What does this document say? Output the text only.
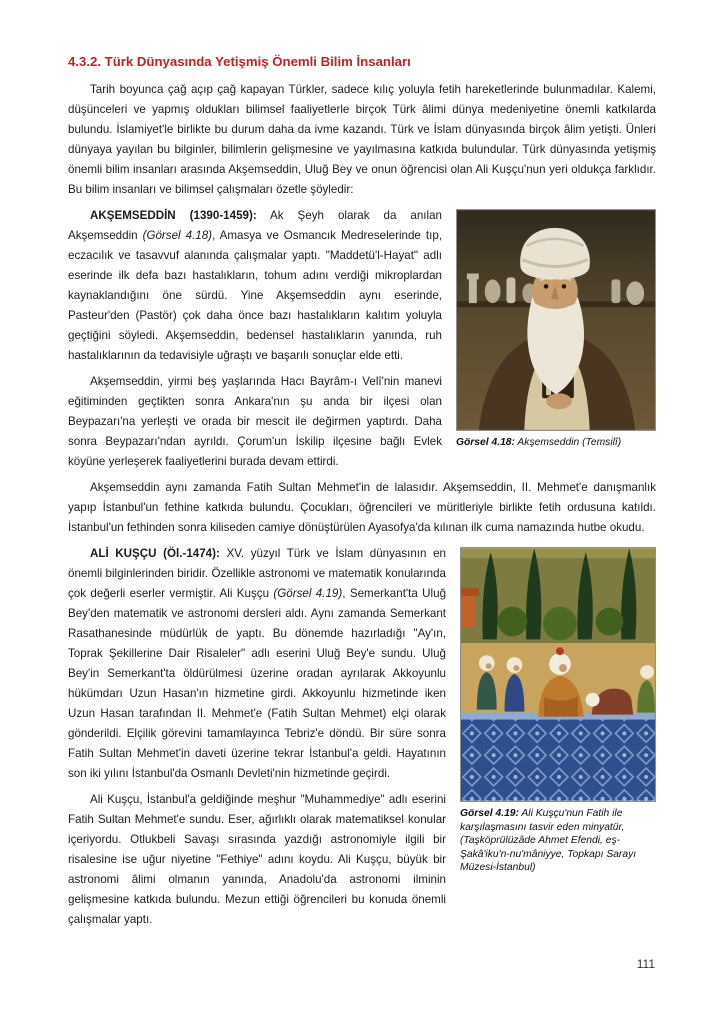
4.3.2. Türk Dünyasında Yetişmiş Önemli Bilim İnsanları

Tarih boyunca çağ açıp çağ kapayan Türkler, sadece kılıç yoluyla fetih hareketlerinde bulunmadılar. Kalemi, düşünceleri ve yapmış oldukları bilimsel faaliyetlerle birçok Türk âlimi dünya medeniyetine önemli katkılarda bulundu. İslamiyet'le birlikte bu durum daha da ivme kazandı. Türk ve İslam dünyasında birçok âlim yetişti. Ünleri dünyaya yayılan bu bilginler, bilimlerin gelişmesine ve yayılmasına katkıda bulundular. Türk dünyasında yetişmiş önemli bilim insanları arasında Akşemseddin, Uluğ Bey ve onun öğrencisi olan Ali Kuşçu'nun yeri oldukça farklıdır. Bu bilim insanları ve bilimsel çalışmaları özetle şöyledir:

Görsel 4.18: Akşemseddin (Temsilî)

AKŞEMSEDDİN (1390-1459): Ak Şeyh olarak da anılan Akşemseddin (Görsel 4.18), Amasya ve Osmancık Medreselerinde tıp, eczacılık ve tasavvuf alanında çalışmalar yaptı. "Maddetü'l-Hayat" adlı eserinde ilk defa bazı hastalıkların, tohum adını verdiği mikroplardan kaynaklandığını öne sürdü. Yine Akşemseddin aynı eserinde, Pasteur'den (Pastör) çok daha önce bazı hastalıkların kalıtım yoluyla geçtiğini söyledi. Akşemseddin, bedensel hastalıkların yanında, ruh hastalıklarının da tedavisiyle uğraştı ve başarılı sonuçlar elde etti.

Akşemseddin, yirmi beş yaşlarında Hacı Bayrâm-ı Velî'nin manevi eğitiminden geçtikten sonra Ankara'nın şu anda bir ilçesi olan Beypazarı'na yerleşti ve orada bir mescit ile değirmen yaptırdı. Daha sonra Beypazarı'ndan ayrıldı. Çorum'un İskilip ilçesine bağlı Evlek köyüne yerleşerek faaliyetlerini burada devam ettirdi.

Akşemseddin aynı zamanda Fatih Sultan Mehmet'in de lalasıdır. Akşemseddin, II. Mehmet'e danışmanlık yapıp İstanbul'un fethine katkıda bulundu. Çocukları, öğrencileri ve müritleriyle birlikte fetih ordusuna katıldı. İstanbul'un fethinden sonra kiliseden camiye dönüştürülen Ayasofya'da kılınan ilk cuma namazında hutbe okudu.

Görsel 4.19: Ali Kuşçu'nun Fatih ile karşılaşmasını tasvir eden minyatür, (Taşköprülüzâde Ahmet Efendi, eş-Şakâ'iku'n-nu'mâniyye, Topkapı Sarayı Müzesi-İstanbul)

ALİ KUŞÇU (Öl.-1474): XV. yüzyıl Türk ve İslam dünyasının en önemli bilginlerinden biridir. Özellikle astronomi ve matematik konularında çok değerli eserler vermiştir. Ali Kuşçu (Görsel 4.19), Semerkant'ta Uluğ Bey'den matematik ve astronomi dersleri aldı. Aynı zamanda Semerkant Rasathanesinde müdürlük de yaptı. Bu dönemde hazırladığı "Ay'ın, Toprak Şekillerine Dair Risaleler" adlı eserini Uluğ Bey'e sundu. Uluğ Bey'in Semerkant'ta öldürülmesi üzerine oradan ayrılarak Akkoyunlu hükümdarı Uzun Hasan'ın hizmetine girdi. Akkoyunlu hizmetinde iken Uzun Hasan tarafından II. Mehmet'e (Fatih Sultan Mehmet) elçi olarak gönderildi. Elçilik görevini tamamlayınca Tebriz'e döndü. Bir süre sonra Fatih Sultan Mehmet'in daveti üzerine tekrar İstanbul'a geldi. Hayatının son iki yılını İstanbul'da Osmanlı Devleti'nin hizmetinde geçirdi.

Ali Kuşçu, İstanbul'a geldiğinde meşhur "Muhammediye" adlı eserini Fatih Sultan Mehmet'e sundu. Eser, ağırlıklı olarak matematiksel konular içeriyordu. Otlukbeli Savaşı sırasında yazdığı astronomiyle ilgili bir risalesine ise uğur niyetine "Fethiye" adını koydu. Ali Kuşçu, büyük bir astronomi âlimi olmanın yanında, Anadolu'da astronomi ilminin gelişmesine katkıda bulundu. Mezun ettiği öğrencileri bu konuda önemli çalışmalar yaptı.

111
